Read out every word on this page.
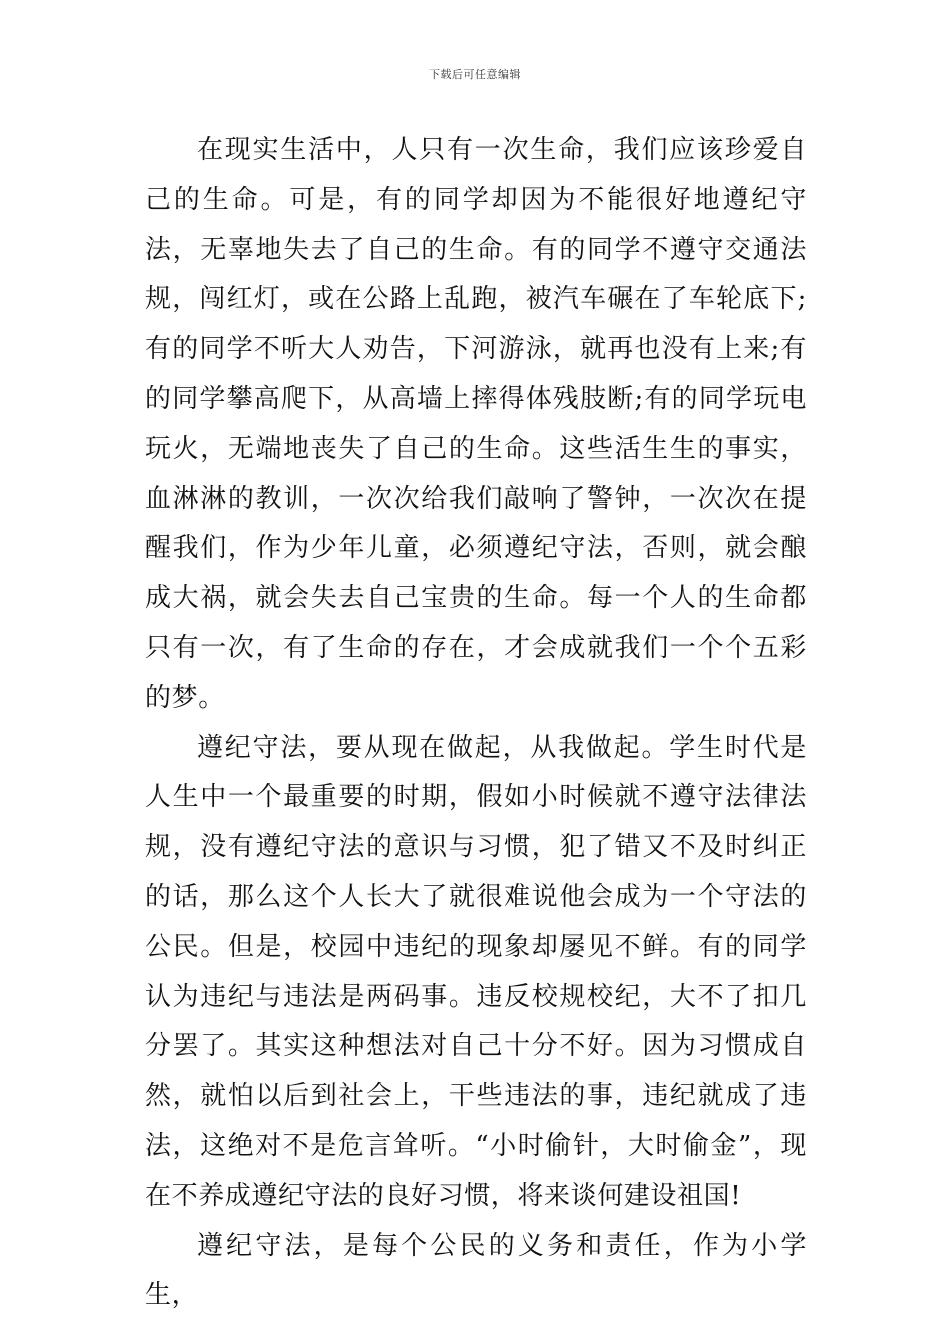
下载后可任意编辑

在现实生活中，人只有一次生命，我们应该珍爱自己的生命。可是，有的同学却因为不能很好地遵纪守法，无辜地失去了自己的生命。有的同学不遵守交通法规，闯红灯，或在公路上乱跑，被汽车碾在了车轮底下;有的同学不听大人劝告，下河游泳，就再也没有上来;有的同学攀高爬下，从高墙上摔得体残肢断;有的同学玩电玩火，无端地丧失了自己的生命。这些活生生的事实，血淋淋的教训，一次次给我们敲响了警钟，一次次在提醒我们，作为少年儿童，必须遵纪守法，否则，就会酿成大祸，就会失去自己宝贵的生命。每一个人的生命都只有一次，有了生命的存在，才会成就我们一个个五彩的梦。

遵纪守法，要从现在做起，从我做起。学生时代是人生中一个最重要的时期，假如小时候就不遵守法律法规，没有遵纪守法的意识与习惯，犯了错又不及时纠正的话，那么这个人长大了就很难说他会成为一个守法的公民。但是，校园中违纪的现象却屡见不鲜。有的同学认为违纪与违法是两码事。违反校规校纪，大不了扣几分罢了。其实这种想法对自己十分不好。因为习惯成自然，就怕以后到社会上，干些违法的事，违纪就成了违法，这绝对不是危言耸听。“小时偷针，大时偷金”，现在不养成遵纪守法的良好习惯，将来谈何建设祖国!

遵纪守法，是每个公民的义务和责任，作为小学生，
